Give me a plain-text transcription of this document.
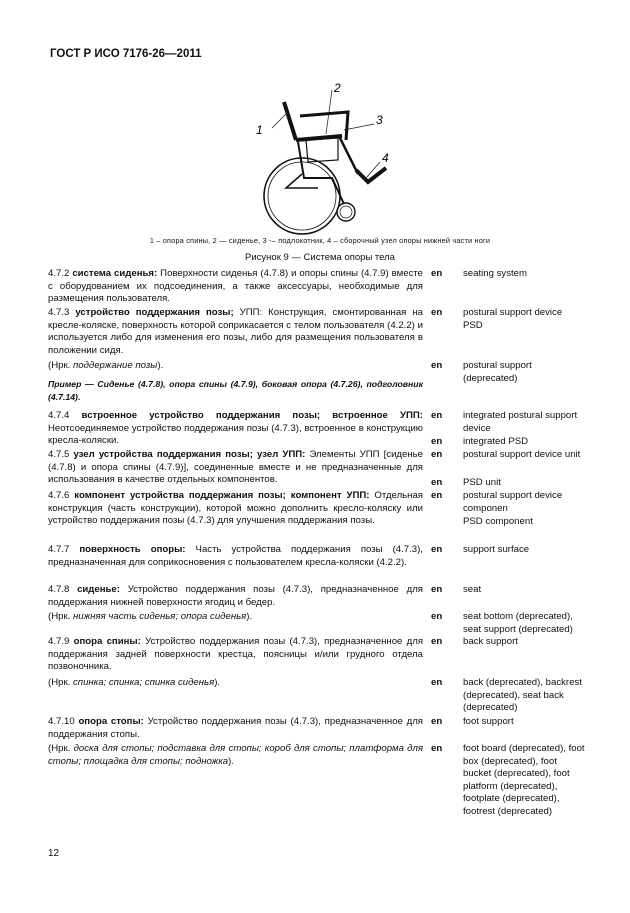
ГОСТ Р ИСО 7176-26—2011
1
2
3
4
1 – опора спины, 2 — сиденье, 3 -– подлокотник, 4 – сборочный узел опоры нижней части ноги
Рисунок 9 — Система опоры тела
4.7.2 система сиденья: Поверхности сиденья (4.7.8) и опоры спины (4.7.9) вместе с оборудованием их подсоединения, а также аксессуары, необходимые для размещения пользователя.
4.7.3 устройство поддержания позы; УПП: Конструкция, смонтированная на кресле-коляске, поверхность которой соприкасается с телом пользователя (4.2.2) и используется либо для изменения его позы, либо для размещения пользователя в положении сидя.
(Нрк. поддержание позы).
Пример — Сиденье (4.7.8), опора спины (4.7.9), боковая опора (4.7.26), подголовник (4.7.14).
4.7.4 встроенное устройство поддержания позы; встроенное УПП: Неотсоединяемое устройство поддержания позы (4.7.3), встроенное в конструкцию кресла-коляски.
4.7.5 узел устройства поддержания позы; узел УПП: Элементы УПП [сиденье (4.7.8) и опора спины (4.7.9)], соединенные вместе и не предназначенные для использования в качестве отдельных компонентов.
4.7.6 компонент устройства поддержания позы; компонент УПП: Отдельная конструкция (часть конструкции), которой можно дополнить кресло-коляску или устройство поддержания позы (4.7.3) для улучшения поддержания позы.
4.7.7 поверхность опоры: Часть устройства поддержания позы (4.7.3), предназначенная для соприкосновения с пользователем кресла-коляски (4.2.2).
4.7.8 сиденье: Устройство поддержания позы (4.7.3), предназначенное для поддержания нижней поверхности ягодиц и бедер.
(Нрк. нижняя часть сиденья; опора сиденья).
4.7.9 опора спины: Устройство поддержания позы (4.7.3), предназначенное для поддержания задней поверхности крестца, поясницы и/или грудного отдела позвоночника.
(Нрк. спинка; спинка; спинка сиденья).
4.7.10 опора стопы: Устройство поддержания позы (4.7.3), предназначенное для поддержания стопы.
(Нрк. доска для стопы; подставка для стопы; короб для стопы; платформа для стопы; площадка для стопы; подножка).
en
en
en
en
en
en
en
en
en
en
en
en
en
en
en
seating system
postural support device
PSD
postural support (deprecated)
integrated postural support device
integrated PSD
postural support device unit
PSD unit
postural support device componen
PSD component
support surface
seat
seat bottom (deprecated), seat support (deprecated)
back support
back (deprecated), backrest (deprecated), seat back (deprecated)
foot support
foot board (deprecated), foot box (deprecated), foot bucket (deprecated), foot platform (deprecated), footplate (deprecated), footrest (deprecated)
12
